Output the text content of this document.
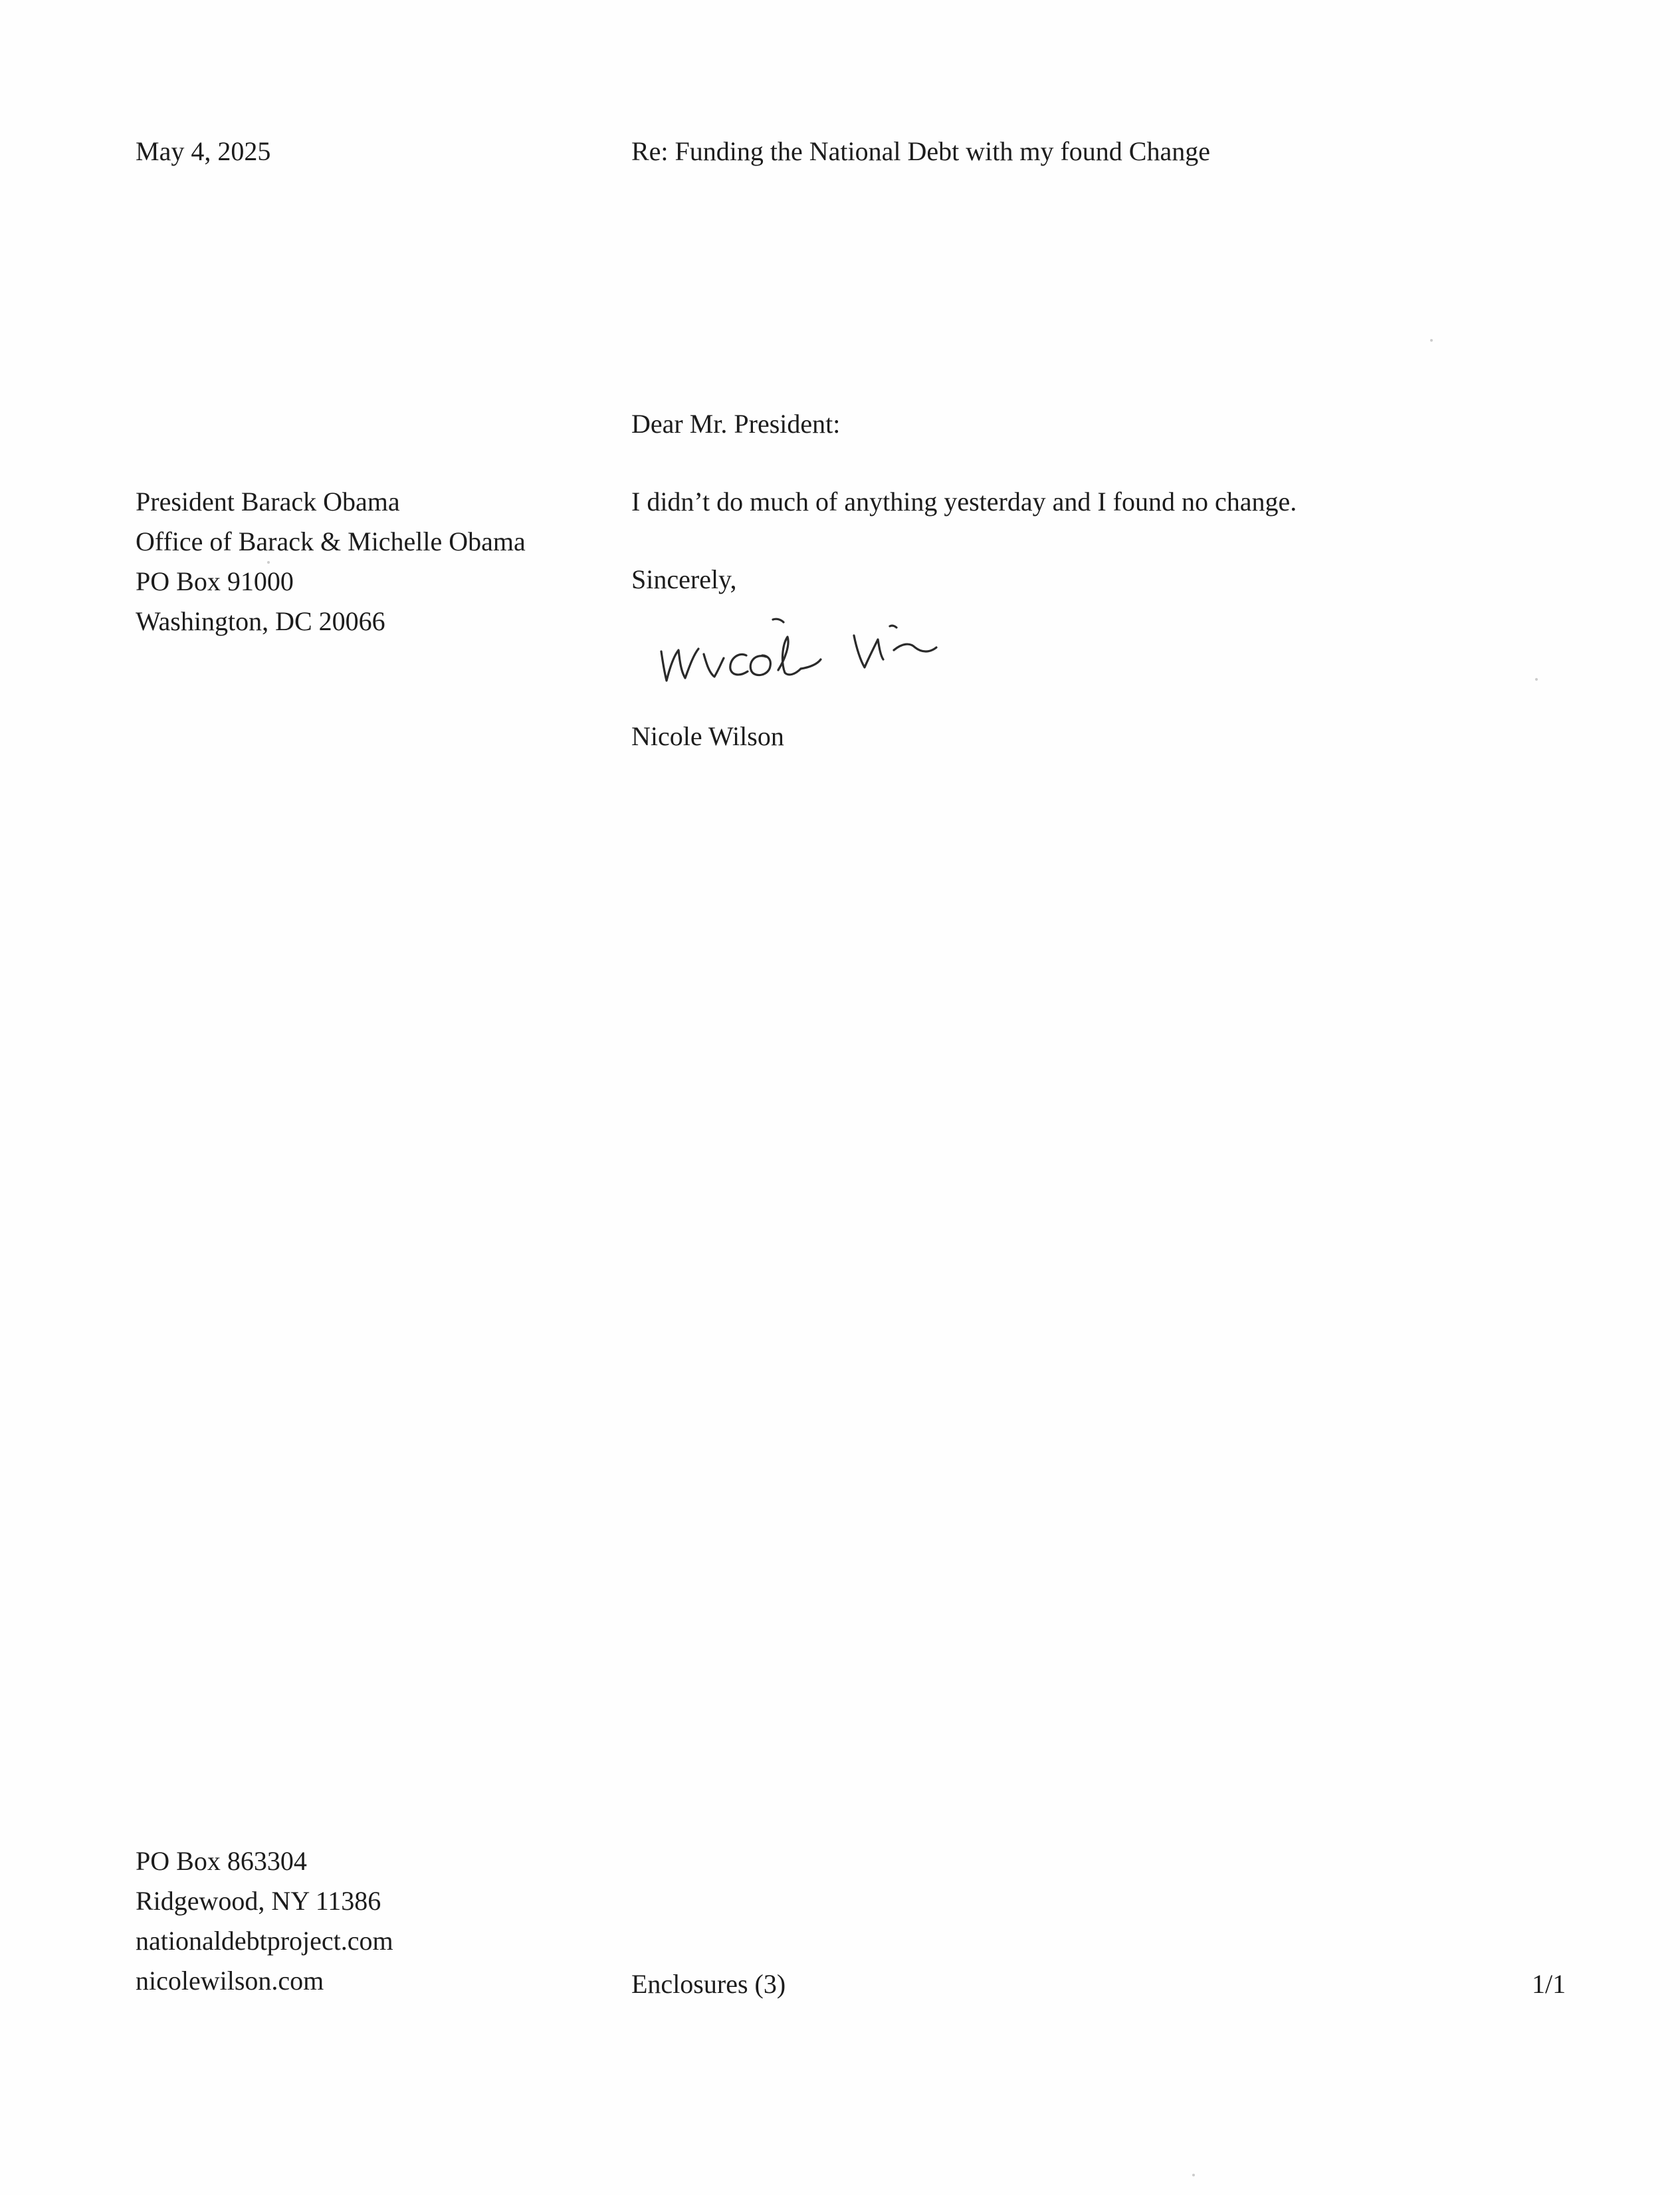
May 4, 2025	Re: Funding the National Debt with my found Change
Dear Mr. President:
President Barack Obama
Office of Barack & Michelle Obama
PO Box 91000
Washington, DC 20066
I didn’t do much of anything yesterday and I found no change.
Sincerely,
Nicole Wilson
PO Box 863304
Ridgewood, NY 11386
nationaldebtproject.com
nicolewilson.com	Enclosures (3)	1/1
